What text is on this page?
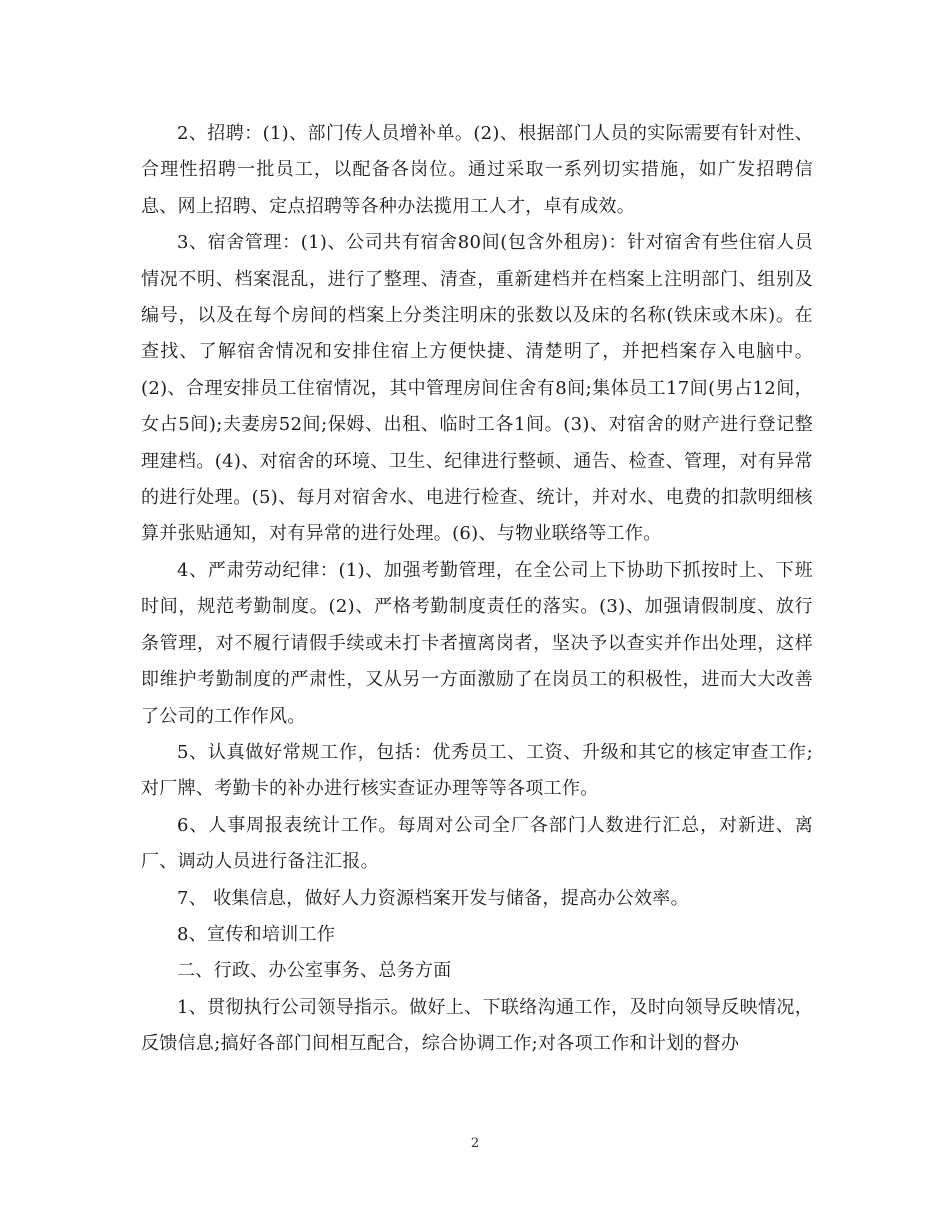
2、招聘：(1)、部门传人员增补单。(2)、根据部门人员的实际需要有针对性、合理性招聘一批员工，以配备各岗位。通过采取一系列切实措施，如广发招聘信息、网上招聘、定点招聘等各种办法揽用工人才，卓有成效。

3、宿舍管理：(1)、公司共有宿舍80间(包含外租房)：针对宿舍有些住宿人员情况不明、档案混乱，进行了整理、清查，重新建档并在档案上注明部门、组别及编号，以及在每个房间的档案上分类注明床的张数以及床的名称(铁床或木床)。在查找、了解宿舍情况和安排住宿上方便快捷、清楚明了，并把档案存入电脑中。(2)、合理安排员工住宿情况，其中管理房间住舍有8间;集体员工17间(男占12间，女占5间);夫妻房52间;保姆、出租、临时工各1间。(3)、对宿舍的财产进行登记整理建档。(4)、对宿舍的环境、卫生、纪律进行整顿、通告、检查、管理，对有异常的进行处理。(5)、每月对宿舍水、电进行检查、统计，并对水、电费的扣款明细核算并张贴通知，对有异常的进行处理。(6)、与物业联络等工作。

4、严肃劳动纪律：(1)、加强考勤管理，在全公司上下协助下抓按时上、下班时间，规范考勤制度。(2)、严格考勤制度责任的落实。(3)、加强请假制度、放行条管理，对不履行请假手续或未打卡者擅离岗者，坚决予以查实并作出处理，这样即维护考勤制度的严肃性，又从另一方面激励了在岗员工的积极性，进而大大改善了公司的工作作风。

5、认真做好常规工作，包括：优秀员工、工资、升级和其它的核定审查工作;对厂牌、考勤卡的补办进行核实查证办理等等各项工作。

6、人事周报表统计工作。每周对公司全厂各部门人数进行汇总，对新进、离厂、调动人员进行备注汇报。

7、 收集信息，做好人力资源档案开发与储备，提高办公效率。

8、宣传和培训工作

二、行政、办公室事务、总务方面

1、贯彻执行公司领导指示。做好上、下联络沟通工作，及时向领导反映情况，反馈信息;搞好各部门间相互配合，综合协调工作;对各项工作和计划的督办

2
